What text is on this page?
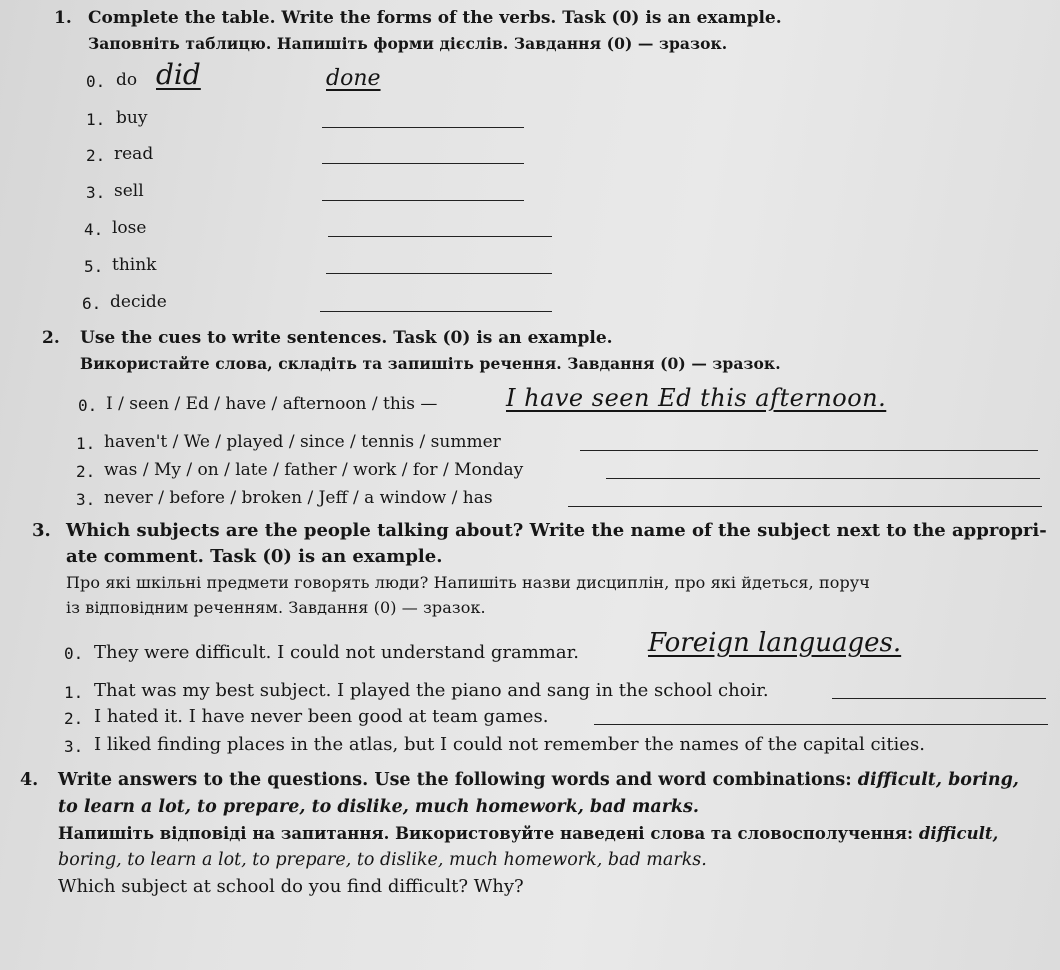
1. Complete the table. Write the forms of the verbs. Task (0) is an example.
Заповніть таблицю. Напишіть форми дієслів. Завдання (0) — зразок.
0. do did	done
1. buy
2. read
3. sell
4. lose
5. think
6. decide
2. Use the cues to write sentences. Task (0) is an example.
Використайте слова, складіть та запишіть речення. Завдання (0) — зразок.
0. I / seen / Ed / have / afternoon / this —	I have seen Ed this afternoon.
1. haven't / We / played / since / tennis / summer
2. was / My / on / late / father / work / for / Monday
3. never / before / broken / Jeff / a window / has
3. Which subjects are the people talking about? Write the name of the subject next to the appropri-
ate comment. Task (0) is an example.
Про які шкільні предмети говорять люди? Напишіть назви дисциплін, про які йдеться, поруч
із відповідним реченням. Завдання (0) — зразок.
0. They were difficult. I could not understand grammar.	Foreign languages.
1. That was my best subject. I played the piano and sang in the school choir.
2. I hated it. I have never been good at team games.
3. I liked finding places in the atlas, but I could not remember the names of the capital cities.
4. Write answers to the questions. Use the following words and word combinations: difficult, boring,
to learn a lot, to prepare, to dislike, much homework, bad marks.
Напишіть відповіді на запитання. Використовуйте наведені слова та словосполучення: difficult,
boring, to learn a lot, to prepare, to dislike, much homework, bad marks.
Which subject at school do you find difficult? Why?
